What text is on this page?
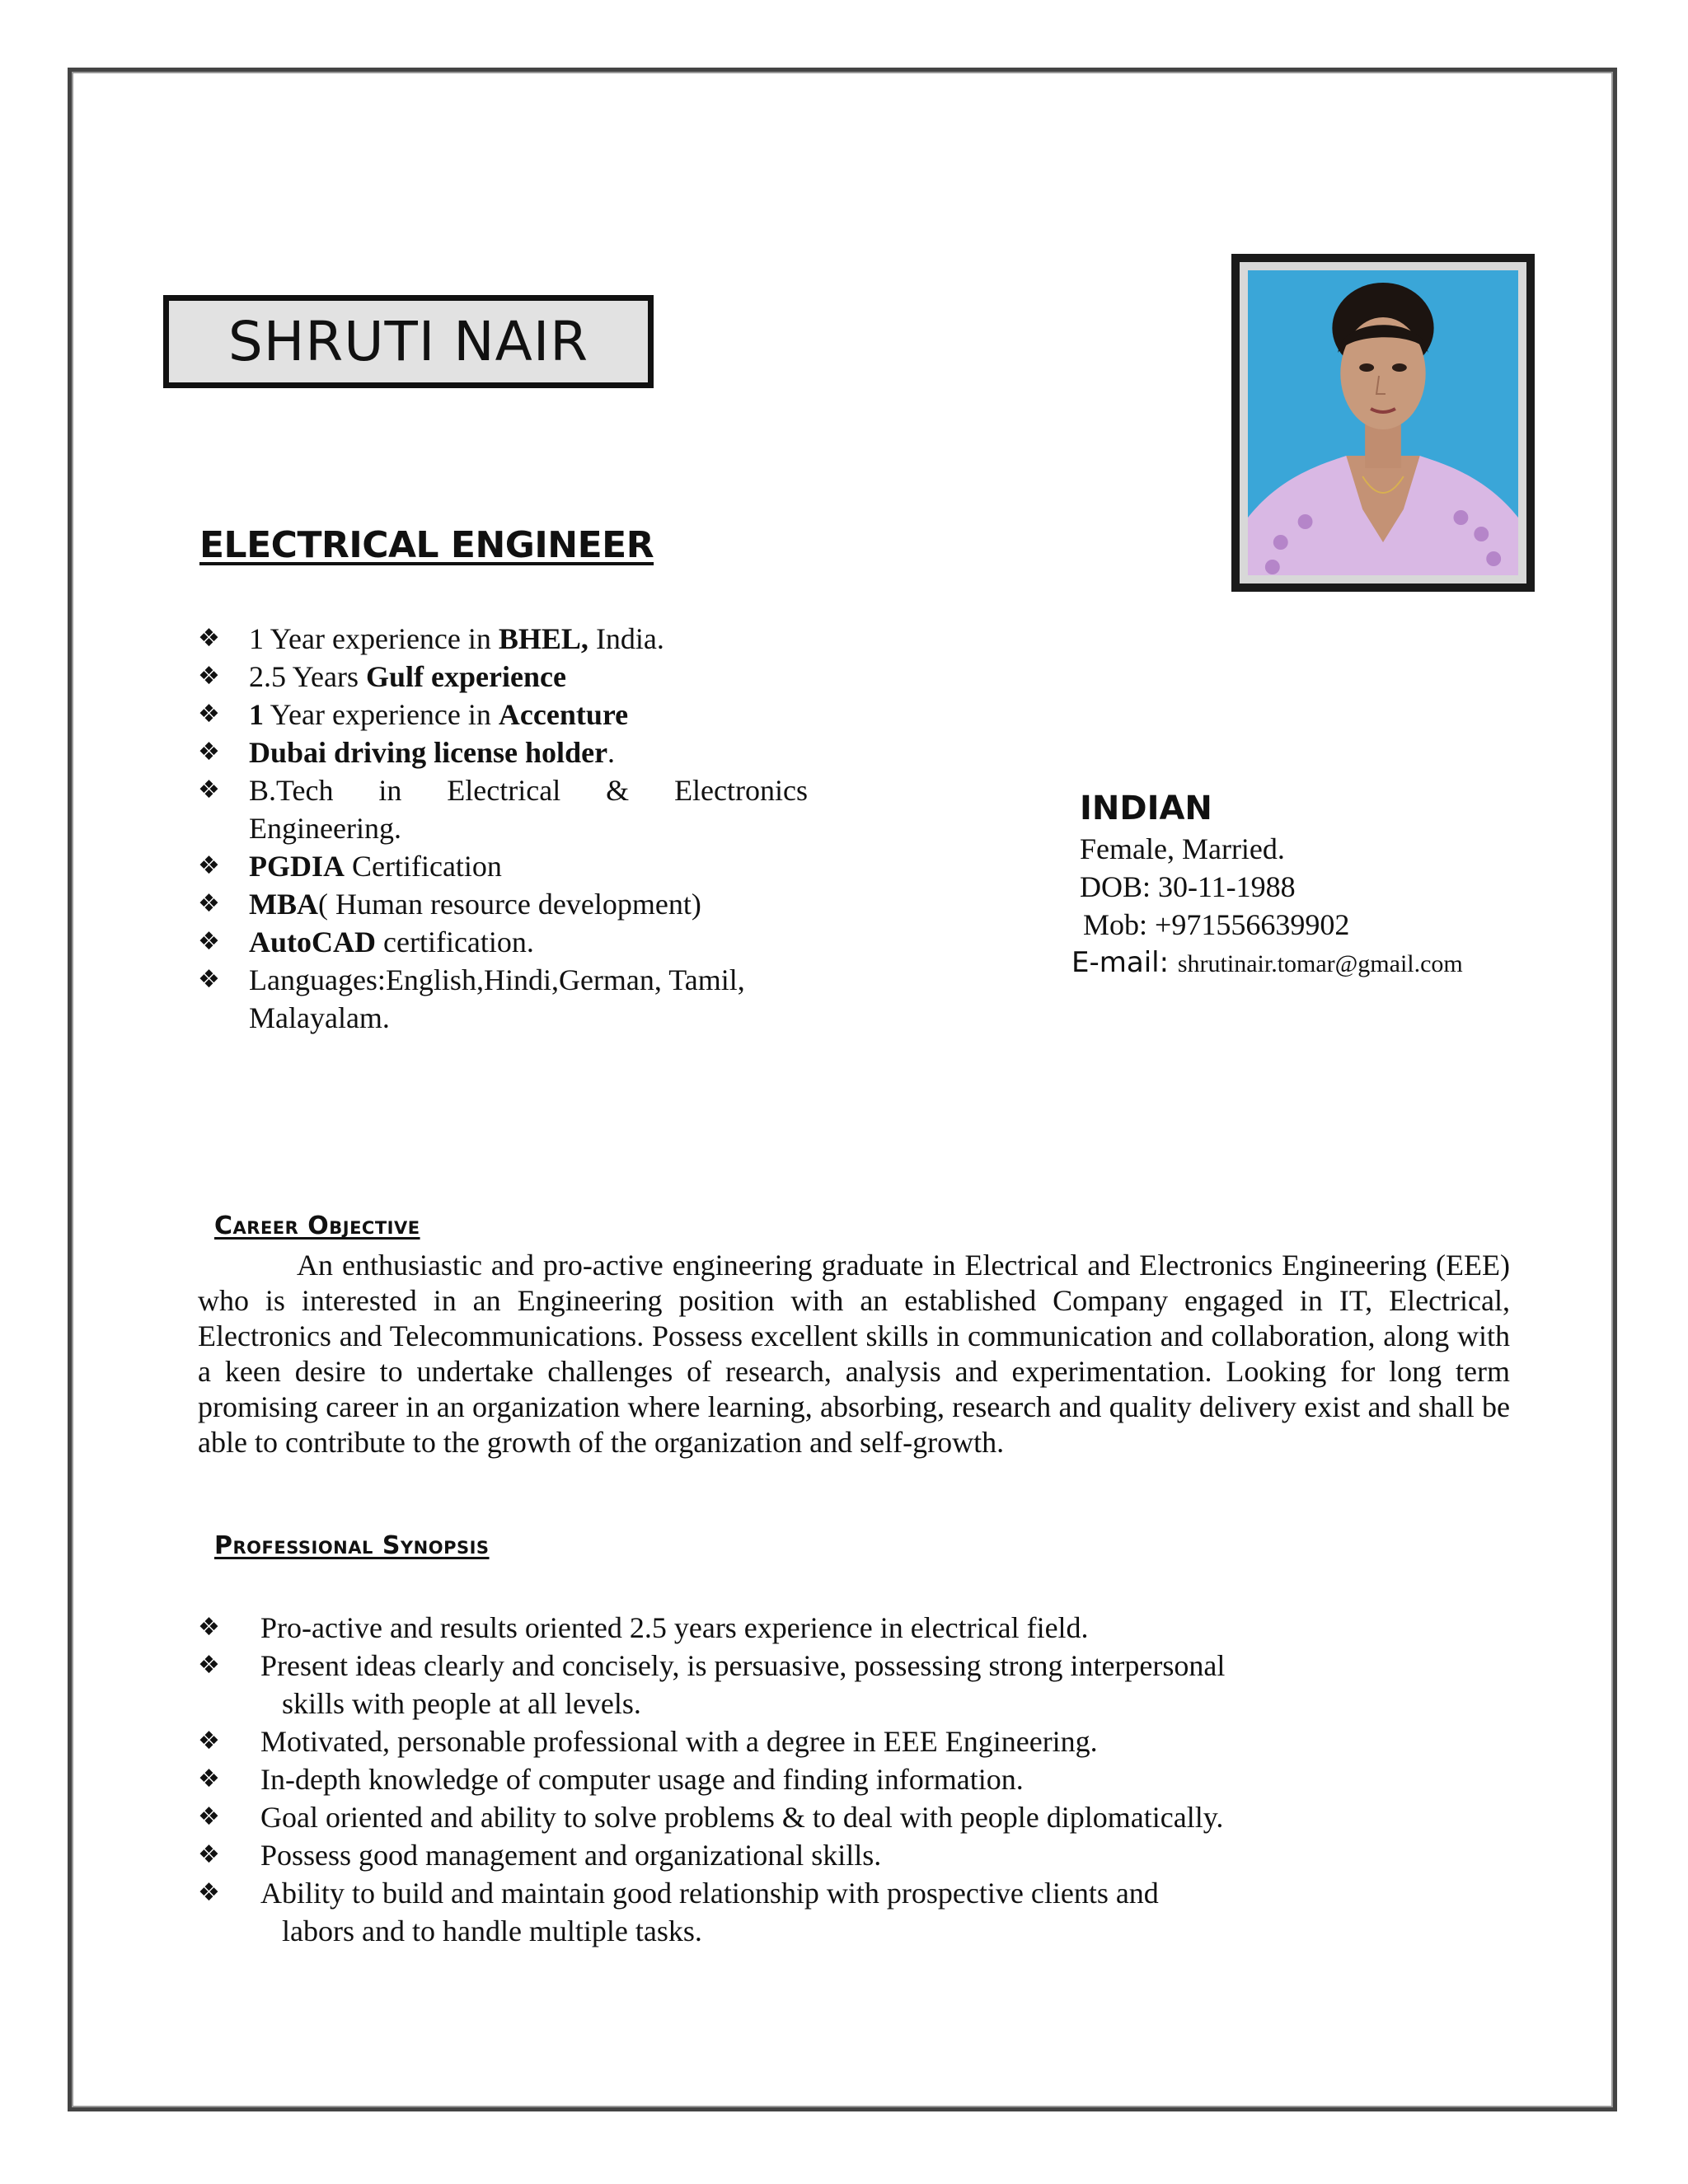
SHRUTI NAIR
ELECTRICAL ENGINEER
❖ 1 Year experience in BHEL, India.
❖ 2.5 Years Gulf experience
❖ 1 Year experience in Accenture
❖ Dubai driving license holder.
❖ B.Tech in Electrical & Electronics
Engineering.
❖ PGDIA Certification
❖ MBA( Human resource development)
❖ AutoCAD certification.
❖ Languages:English,Hindi,German, Tamil,
Malayalam.
INDIAN
Female, Married.
DOB: 30-11-1988
Mob: +971556639902
E-mail: shrutinair.tomar@gmail.com
Career Objective

An enthusiastic and pro-active engineering graduate in Electrical and Electronics Engineering (EEE) who is interested in an Engineering position with an established Company engaged in IT, Electrical, Electronics and Telecommunications. Possess excellent skills in communication and collaboration, along with a keen desire to undertake challenges of research, analysis and experimentation. Looking for long term promising career in an organization where learning, absorbing, research and quality delivery exist and shall be able to contribute to the growth of the organization and self-growth.

Professional Synopsis
❖ Pro-active and results oriented 2.5 years experience in electrical field.
❖ Present ideas clearly and concisely, is persuasive, possessing strong interpersonal
skills with people at all levels.
❖ Motivated, personable professional with a degree in EEE Engineering.
❖ In-depth knowledge of computer usage and finding information.
❖ Goal oriented and ability to solve problems & to deal with people diplomatically.
❖ Possess good management and organizational skills.
❖ Ability to build and maintain good relationship with prospective clients and
labors and to handle multiple tasks.
